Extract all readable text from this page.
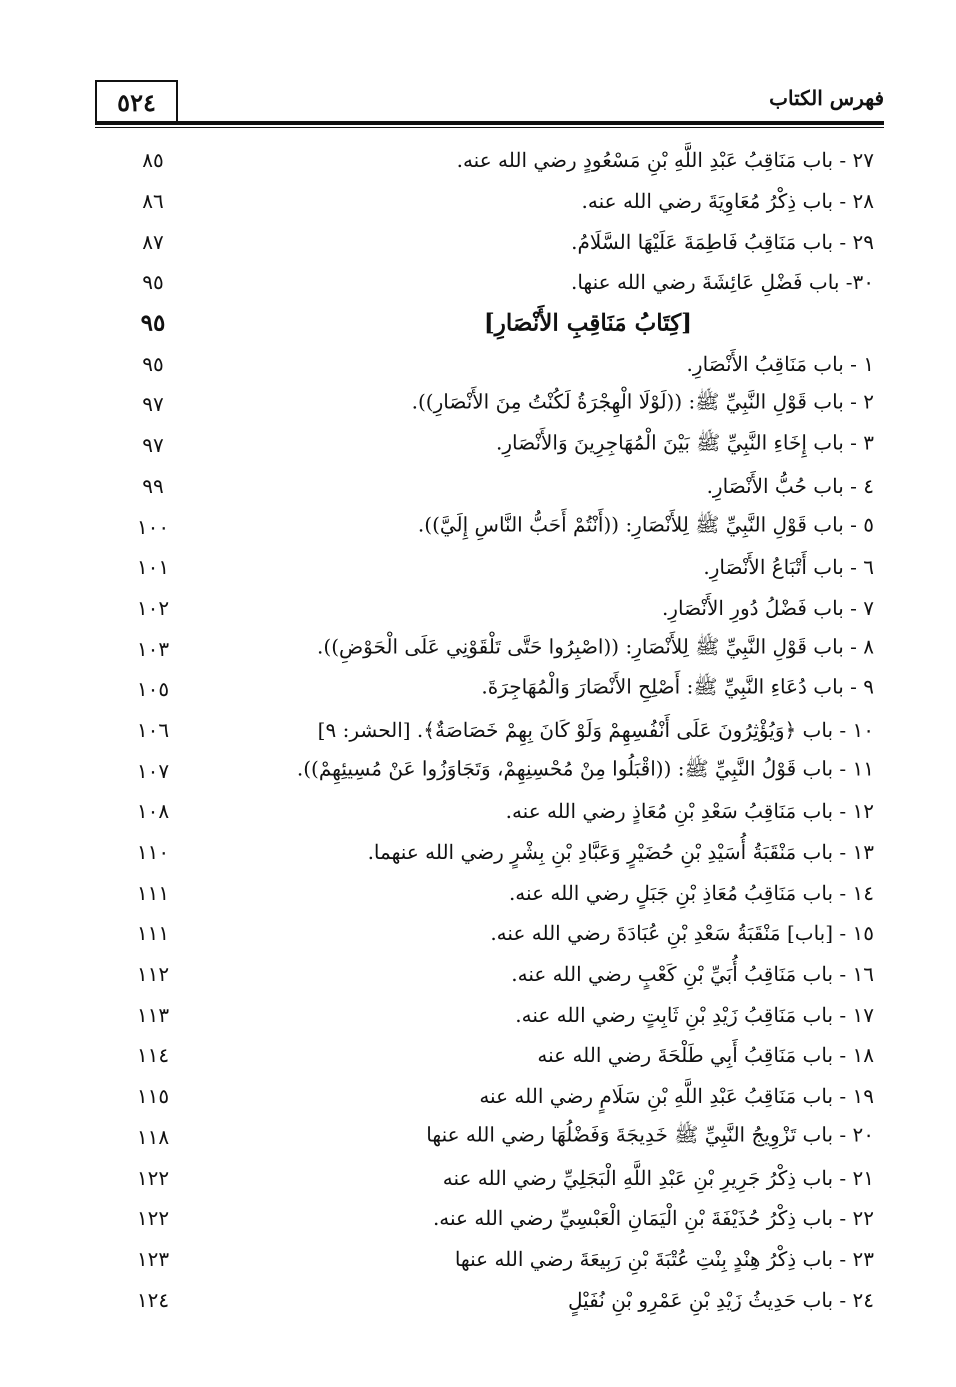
٥٢٤	فهرس الكتاب
٢٧ - باب مَنَاقِبُ عَبْدِ اللَّهِ بْنِ مَسْعُودٍ رضي الله عنه.
٨٥
٢٨ - باب ذِكْرُ مُعَاوِيَةَ رضي الله عنه.
٨٦
٢٩ - باب مَنَاقِبُ فَاطِمَةَ عَلَيْهَا السَّلَامُ.
٨٧
٣٠- باب فَضْلِ عَائِشَةَ رضي الله عنها.
٩٥
[كِتَابُ مَنَاقِبِ الأَنْصَارِ]
٩٥
١ - باب مَنَاقِبُ الأَنْصَارِ.
٩٥
٢ - باب قَوْلِ النَّبِيِّ ﷺ: ((لَوْلَا الْهِجْرَةُ لَكُنْتُ مِنَ الأَنْصَارِ)).
٩٧
٣ - باب إِخَاءِ النَّبِيِّ ﷺ بَيْنَ الْمُهَاجِرِينَ وَالأَنْصَارِ.
٩٧
٤ - باب حُبُّ الأَنْصَارِ.
٩٩
٥ - باب قَوْلِ النَّبِيِّ ﷺ لِلأَنْصَارِ: ((أَنْتُمْ أَحَبُّ النَّاسِ إِلَيَّ)).
١٠٠
٦ - باب أَتْبَاعُ الأَنْصَارِ.
١٠١
٧ - باب فَضْلُ دُورِ الأَنْصَارِ.
١٠٢
٨ - باب قَوْلِ النَّبِيِّ ﷺ لِلأَنْصَارِ: ((اصْبِرُوا حَتَّى تَلْقَوْنِي عَلَى الْحَوْضِ)).
١٠٣
٩ - باب دُعَاءِ النَّبِيِّ ﷺ: أَصْلِحِ الأَنْصَارَ وَالْمُهَاجِرَةَ.
١٠٥
١٠ - باب ﴿وَيُؤْثِرُونَ عَلَى أَنْفُسِهِمْ وَلَوْ كَانَ بِهِمْ خَصَاصَةٌ﴾. [الحشر: ٩]
١٠٦
١١ - باب قَوْلُ النَّبِيِّ ﷺ: ((اقْبَلُوا مِنْ مُحْسِنِهِمْ، وَتَجَاوَزُوا عَنْ مُسِيئِهِمْ)).
١٠٧
١٢ - باب مَنَاقِبُ سَعْدِ بْنِ مُعَاذٍ رضي الله عنه.
١٠٨
١٣ - باب مَنْقَبَةُ أُسَيْدِ بْنِ حُضَيْرٍ وَعَبَّادِ بْنِ بِشْرٍ رضي الله عنهما.
١١٠
١٤ - باب مَنَاقِبُ مُعَاذِ بْنِ جَبَلٍ رضي الله عنه.
١١١
١٥ - [باب] مَنْقَبَةُ سَعْدِ بْنِ عُبَادَةَ رضي الله عنه.
١١١
١٦ - باب مَنَاقِبُ أُبَيِّ بْنِ كَعْبٍ رضي الله عنه.
١١٢
١٧ - باب مَنَاقِبُ زَيْدِ بْنِ ثَابِتٍ رضي الله عنه.
١١٣
١٨ - باب مَنَاقِبُ أَبِي طَلْحَةَ رضي الله عنه
١١٤
١٩ - باب مَنَاقِبُ عَبْدِ اللَّهِ بْنِ سَلَامٍ رضي الله عنه
١١٥
٢٠ - باب تَزْوِيجُ النَّبِيِّ ﷺ خَدِيجَةَ وَفَضْلُهَا رضي الله عنها
١١٨
٢١ - باب ذِكْرُ جَرِيرِ بْنِ عَبْدِ اللَّهِ الْبَجَلِيِّ رضي الله عنه
١٢٢
٢٢ - باب ذِكْرُ حُذَيْفَةَ بْنِ الْيَمَانِ الْعَبْسِيِّ رضي الله عنه.
١٢٢
٢٣ - باب ذِكْرُ هِنْدٍ بِنْتِ عُتْبَةَ بْنِ رَبِيعَةَ رضي الله عنها
١٢٣
٢٤ - باب حَدِيثُ زَيْدِ بْنِ عَمْرِو بْنِ نُفَيْلٍ
١٢٤
